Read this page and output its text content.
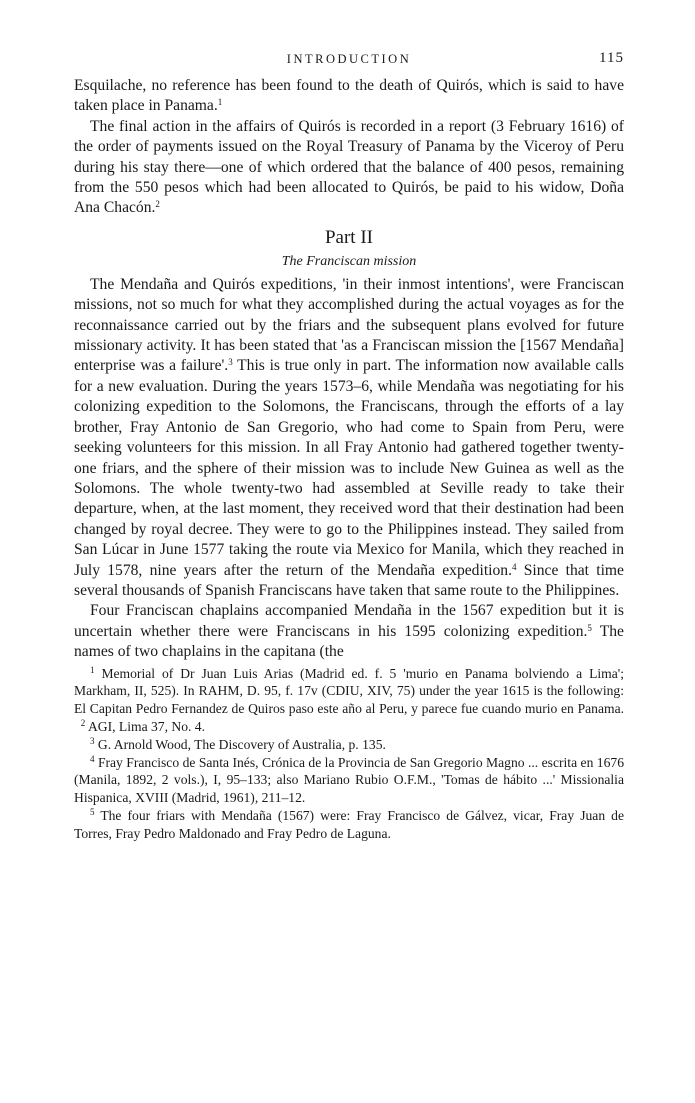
INTRODUCTION	115

Esquilache, no reference has been found to the death of Quirós, which is said to have taken place in Panama.$^1$

The final action in the affairs of Quirós is recorded in a report (3 February 1616) of the order of payments issued on the Royal Treasury of Panama by the Viceroy of Peru during his stay there—one of which ordered that the balance of 400 pesos, remaining from the 550 pesos which had been allocated to Quirós, be paid to his widow, Doña Ana Chacón.$^2$

Part II
The Franciscan mission

The Mendaña and Quirós expeditions, 'in their inmost intentions', were Franciscan missions, not so much for what they accomplished during the actual voyages as for the reconnaissance carried out by the friars and the subsequent plans evolved for future missionary activity. It has been stated that 'as a Franciscan mission the [1567 Mendaña] enterprise was a failure'.$^3$ This is true only in part. The information now available calls for a new evaluation. During the years 1573–6, while Mendaña was negotiating for his colonizing expedition to the Solomons, the Franciscans, through the efforts of a lay brother, Fray Antonio de San Gregorio, who had come to Spain from Peru, were seeking volunteers for this mission. In all Fray Antonio had gathered together twenty-one friars, and the sphere of their mission was to include New Guinea as well as the Solomons. The whole twenty-two had assembled at Seville ready to take their departure, when, at the last moment, they received word that their destination had been changed by royal decree. They were to go to the Philippines instead. They sailed from San Lúcar in June 1577 taking the route via Mexico for Manila, which they reached in July 1578, nine years after the return of the Mendaña expedition.$^4$ Since that time several thousands of Spanish Franciscans have taken that same route to the Philippines.

Four Franciscan chaplains accompanied Mendaña in the 1567 expedition but it is uncertain whether there were Franciscans in his 1595 colonizing expedition.$^5$ The names of two chaplains in the capitana (the

$^1$ Memorial of Dr Juan Luis Arias (Madrid ed. f. 5 'murio en Panama bolviendo a Lima'; Markham, II, 525). In RAHM, D. 95, f. 17v (CDIU, XIV, 75) under the year 1615 is the following: El Capitan Pedro Fernandez de Quiros paso este año al Peru, y parece fue cuando murio en Panama.   $^2$ AGI, Lima 37, No. 4.

$^3$ G. Arnold Wood, The Discovery of Australia, p. 135.

$^4$ Fray Francisco de Santa Inés, Crónica de la Provincia de San Gregorio Magno ... escrita en 1676 (Manila, 1892, 2 vols.), I, 95–133; also Mariano Rubio O.F.M., 'Tomas de hábito ...' Missionalia Hispanica, XVIII (Madrid, 1961), 211–12.

$^5$ The four friars with Mendaña (1567) were: Fray Francisco de Gálvez, vicar, Fray Juan de Torres, Fray Pedro Maldonado and Fray Pedro de Laguna.
